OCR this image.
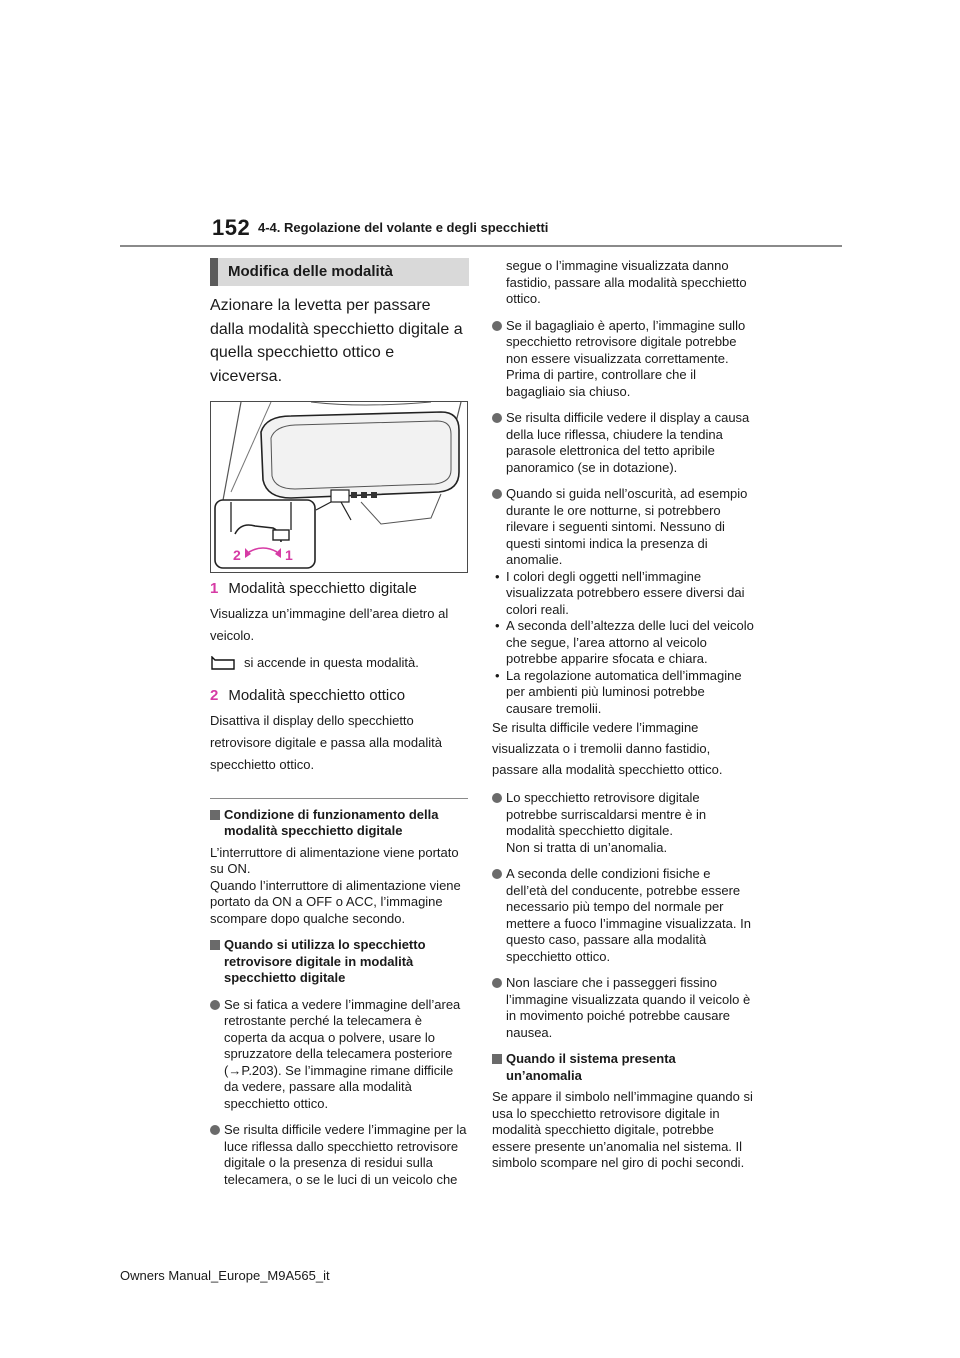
152 4-4. Regolazione del volante e degli specchietti
Modifica delle modalità

Azionare la levetta per passare dalla modalità specchietto digitale a quella specchietto ottico e viceversa.

2	1
1 Modalità specchietto digitale

Visualizza un’immagine dell’area dietro al veicolo.

si accende in questa modalità.
2 Modalità specchietto ottico

Disattiva il display dello specchietto retrovisore digitale e passa alla modalità specchietto ottico.

Condizione di funzionamento della modalità specchietto digitale

L’interruttore di alimentazione viene portato su ON.

Quando l’interruttore di alimentazione viene portato da ON a OFF o ACC, l’immagine scompare dopo qualche secondo.

Quando si utilizza lo specchietto retrovisore digitale in modalità specchietto digitale
Se si fatica a vedere l’immagine dell’area retrostante perché la telecamera è coperta da acqua o polvere, usare lo spruzzatore della telecamera posteriore (→P.203). Se l’immagine rimane difficile da vedere, passare alla modalità specchietto ottico.
Se risulta difficile vedere l’immagine per la luce riflessa dallo specchietto retrovisore digitale o la presenza di residui sulla telecamera, o se le luci di un veicolo che
segue o l’immagine visualizzata danno fastidio, passare alla modalità specchietto ottico.
Se il bagagliaio è aperto, l’immagine sullo specchietto retrovisore digitale potrebbe non essere visualizzata correttamente. Prima di partire, controllare che il bagagliaio sia chiuso.
Se risulta difficile vedere il display a causa della luce riflessa, chiudere la tendina parasole elettronica del tetto apribile panoramico (se in dotazione).
Quando si guida nell’oscurità, ad esempio durante le ore notturne, si potrebbero rilevare i seguenti sintomi. Nessuno di questi sintomi indica la presenza di anomalie.
• I colori degli oggetti nell’immagine visualizzata potrebbero essere diversi dai colori reali.
• A seconda dell’altezza delle luci del veicolo che segue, l’area attorno al veicolo potrebbe apparire sfocata e chiara.
• La regolazione automatica dell’immagine per ambienti più luminosi potrebbe causare tremolii.

Se risulta difficile vedere l’immagine visualizzata o i tremolii danno fastidio, passare alla modalità specchietto ottico.

Lo specchietto retrovisore digitale potrebbe surriscaldarsi mentre è in modalità specchietto digitale.
Non si tratta di un’anomalia.
A seconda delle condizioni fisiche e dell’età del conducente, potrebbe essere necessario più tempo del normale per mettere a fuoco l’immagine visualizzata. In questo caso, passare alla modalità specchietto ottico.
Non lasciare che i passeggeri fissino l’immagine visualizzata quando il veicolo è in movimento poiché potrebbe causare nausea.
Quando il sistema presenta un’anomalia

Se appare il simbolo nell’immagine quando si usa lo specchietto retrovisore digitale in modalità specchietto digitale, potrebbe essere presente un’anomalia nel sistema. Il simbolo scompare nel giro di pochi secondi.

Owners Manual_Europe_M9A565_it
